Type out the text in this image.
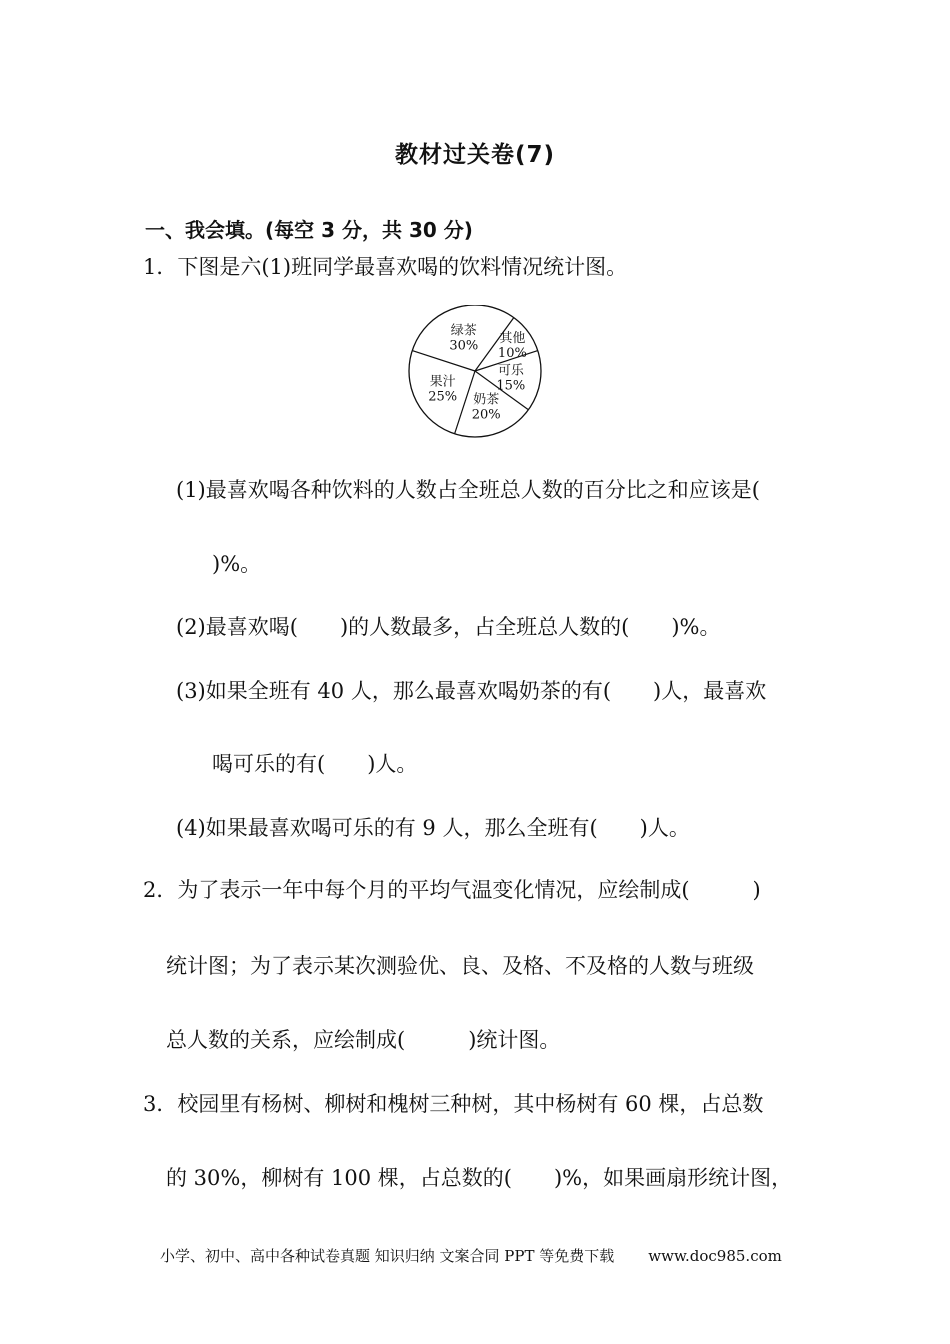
教材过关卷(7)
一、我会填。(每空 3 分，共 30 分)
1．下图是六(1)班同学最喜欢喝的饮料情况统计图。
绿茶
30%
其他
10%
可乐
15%
奶茶
20%
果汁
25%
(1)最喜欢喝各种饮料的人数占全班总人数的百分比之和应该是(
)%。
(2)最喜欢喝(　　)的人数最多，占全班总人数的(　　)%。
(3)如果全班有 40 人，那么最喜欢喝奶茶的有(　　)人，最喜欢
喝可乐的有(　　)人。
(4)如果最喜欢喝可乐的有 9 人，那么全班有(　　)人。
2．为了表示一年中每个月的平均气温变化情况，应绘制成(　　　)
统计图；为了表示某次测验优、良、及格、不及格的人数与班级
总人数的关系，应绘制成(　　　)统计图。
3．校园里有杨树、柳树和槐树三种树，其中杨树有 60 棵，占总数
的 30%，柳树有 100 棵，占总数的(　　)%，如果画扇形统计图，
小学、初中、高中各种试卷真题 知识归纳 文案合同 PPT 等免费下载 www.doc985.com
